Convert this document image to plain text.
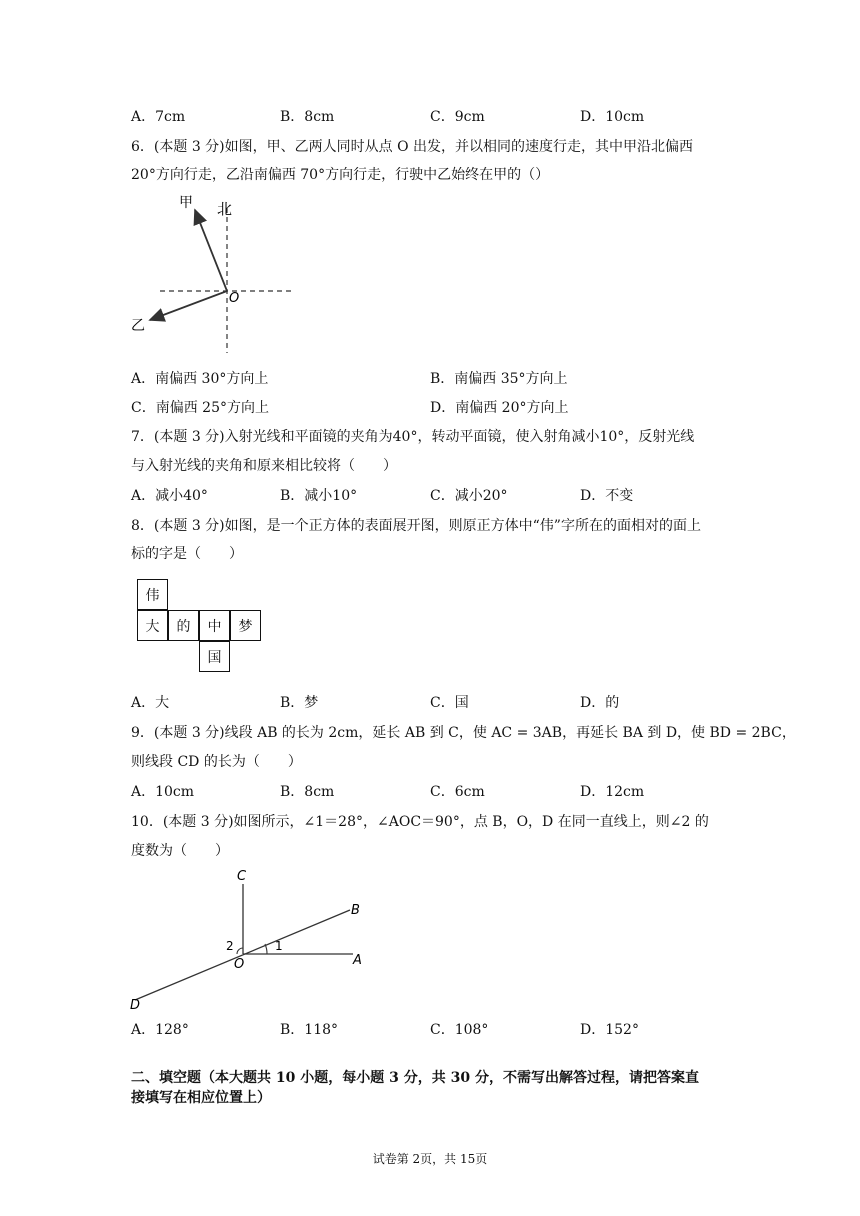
A．7cm	B．8cm	C．9cm	D．10cm
6．(本题 3 分)如图，甲、乙两人同时从点 O 出发，并以相同的速度行走，其中甲沿北偏西
20°方向行走，乙沿南偏西 70°方向行走，行驶中乙始终在甲的（）
甲 北
O
乙
A．南偏西 30°方向上	B．南偏西 35°方向上
C．南偏西 25°方向上	D．南偏西 20°方向上
7．(本题 3 分)入射光线和平面镜的夹角为40°，转动平面镜，使入射角减小10°，反射光线
与入射光线的夹角和原来相比较将（　　）
A．减小40°	B．减小10°	C．减小20°	D．不变
8．(本题 3 分)如图，是一个正方体的表面展开图，则原正方体中“伟”字所在的面相对的面上
标的字是（　　）
伟
大	的	中	梦
国
A．大	B．梦	C．国	D．的
9．(本题 3 分)线段 AB 的长为 2cm，延长 AB 到 C，使 AC = 3AB，再延长 BA 到 D，使 BD = 2BC，
则线段 CD 的长为（　　）
A．10cm	B．8cm	C．6cm	D．12cm
10．(本题 3 分)如图所示，∠1＝28°，∠AOC＝90°，点 B，O，D 在同一直线上，则∠2 的
度数为（　　）
C
B
A
O
D
1
2
A．128°	B．118°	C．108°	D．152°
二、填空题（本大题共 10 小题，每小题 3 分，共 30 分，不需写出解答过程，请把答案直
接填写在相应位置上）
试卷第 2页，共 15页
